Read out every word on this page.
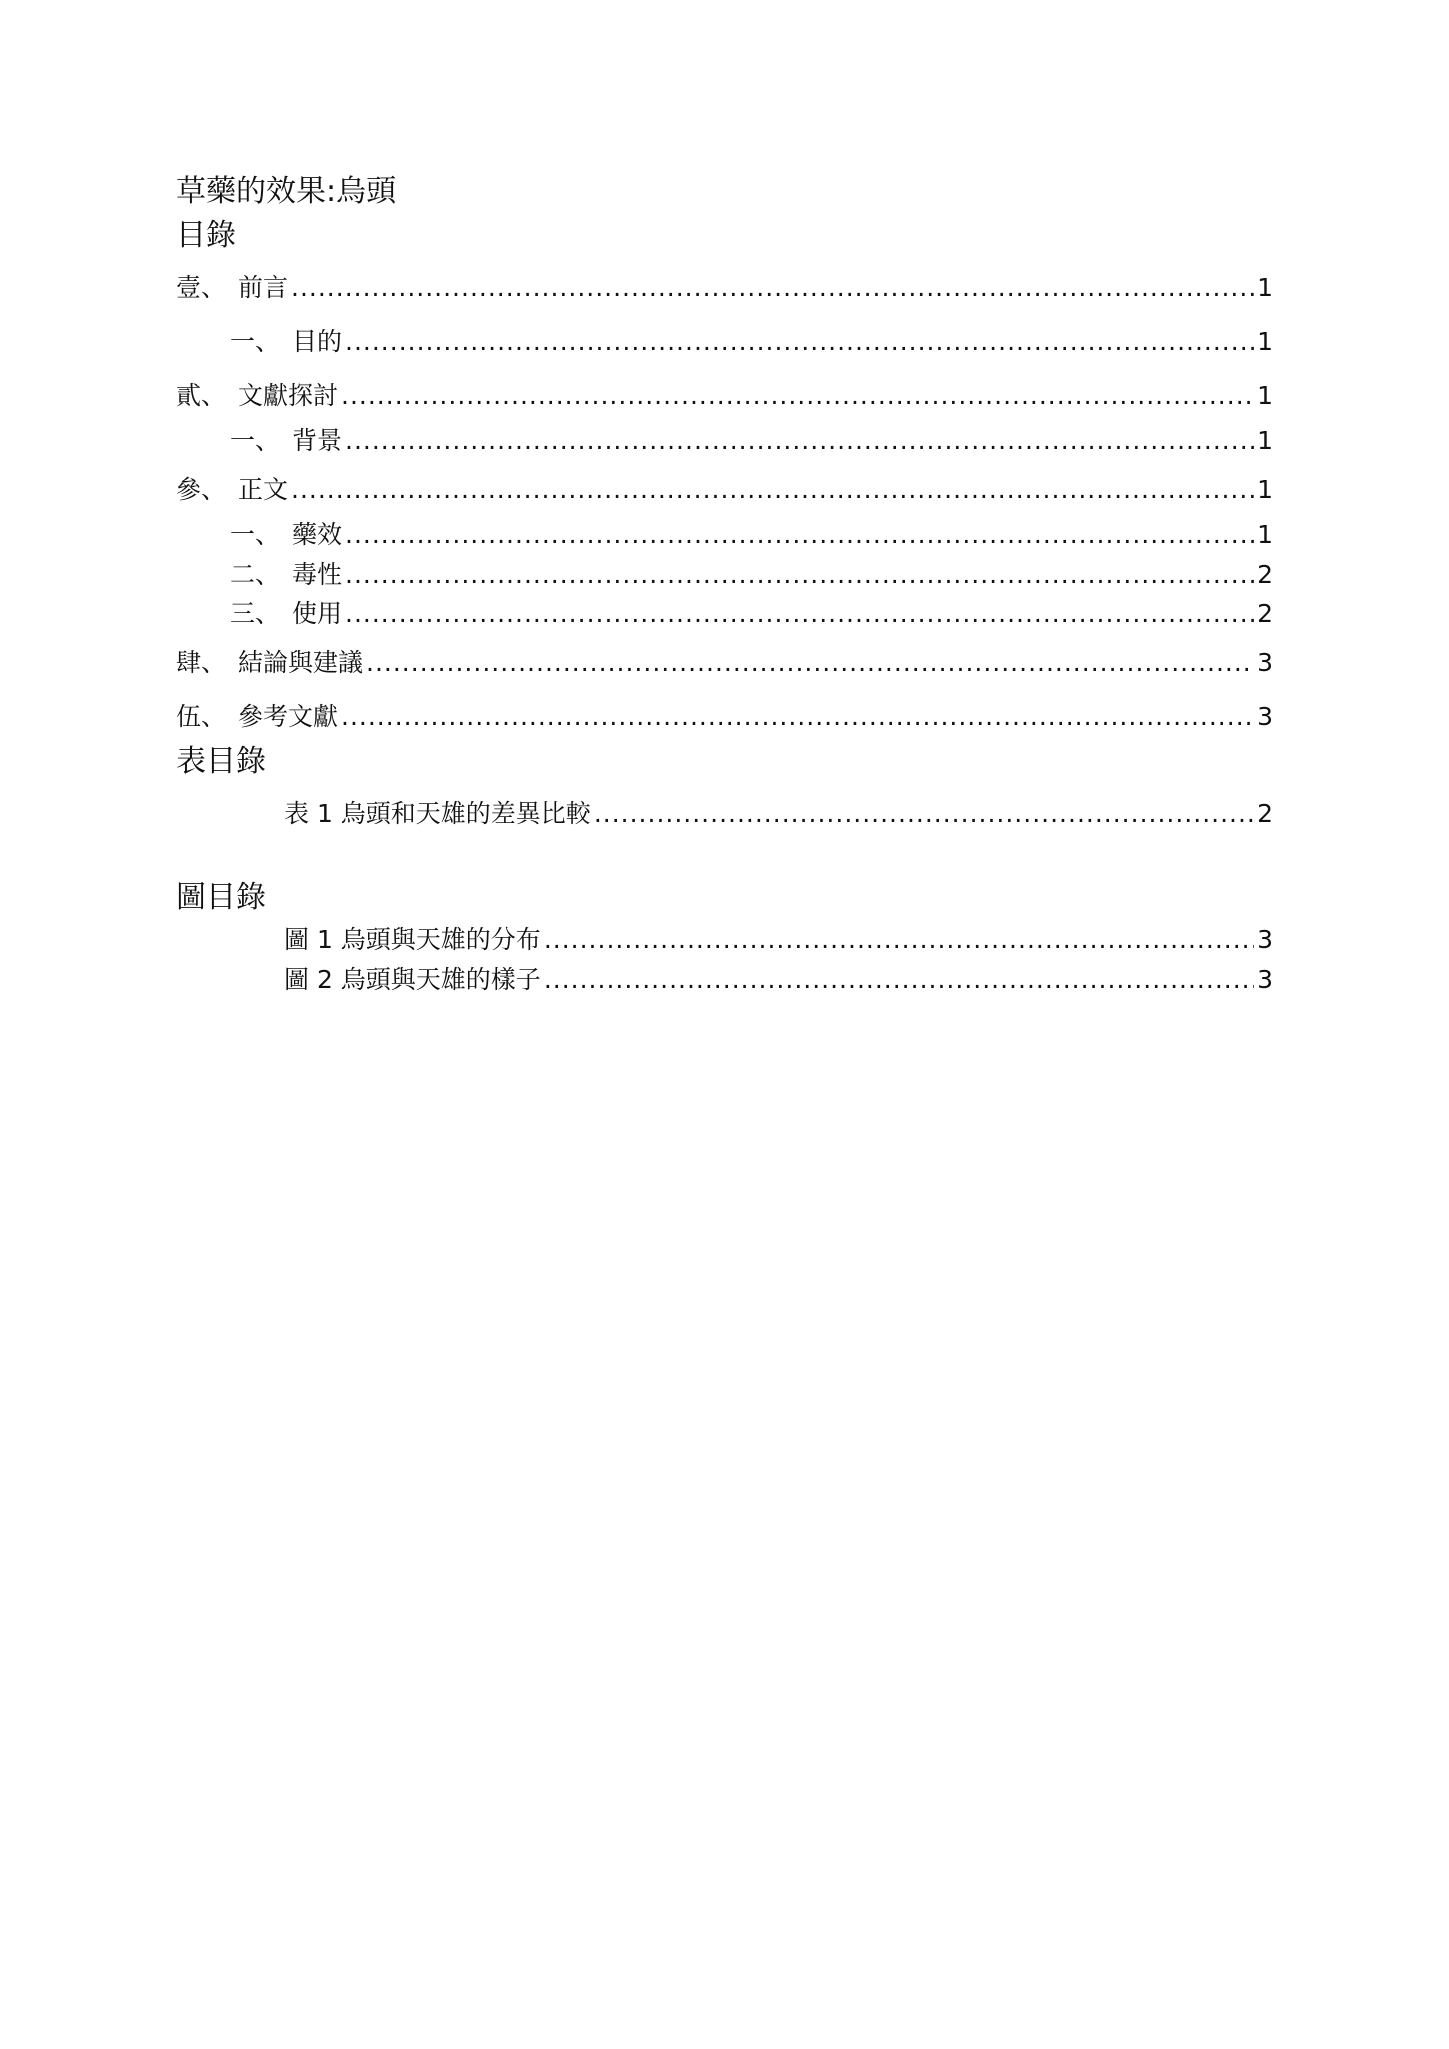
草藥的效果:烏頭
目錄
壹、 前言 .....	1
一、 目的 .....	1
貳、 文獻探討 .....	1
一、 背景 .....	1
參、 正文 .....	1
一、 藥效 .....	1
二、 毒性 .....	2
三、 使用 .....	2
肆、 結論與建議 .....	3
伍、 參考文獻 .....	3
表目錄
表 1 烏頭和天雄的差異比較 .....	2
圖目錄
圖 1 烏頭與天雄的分布 .....	3
圖 2 烏頭與天雄的樣子 .....	3
